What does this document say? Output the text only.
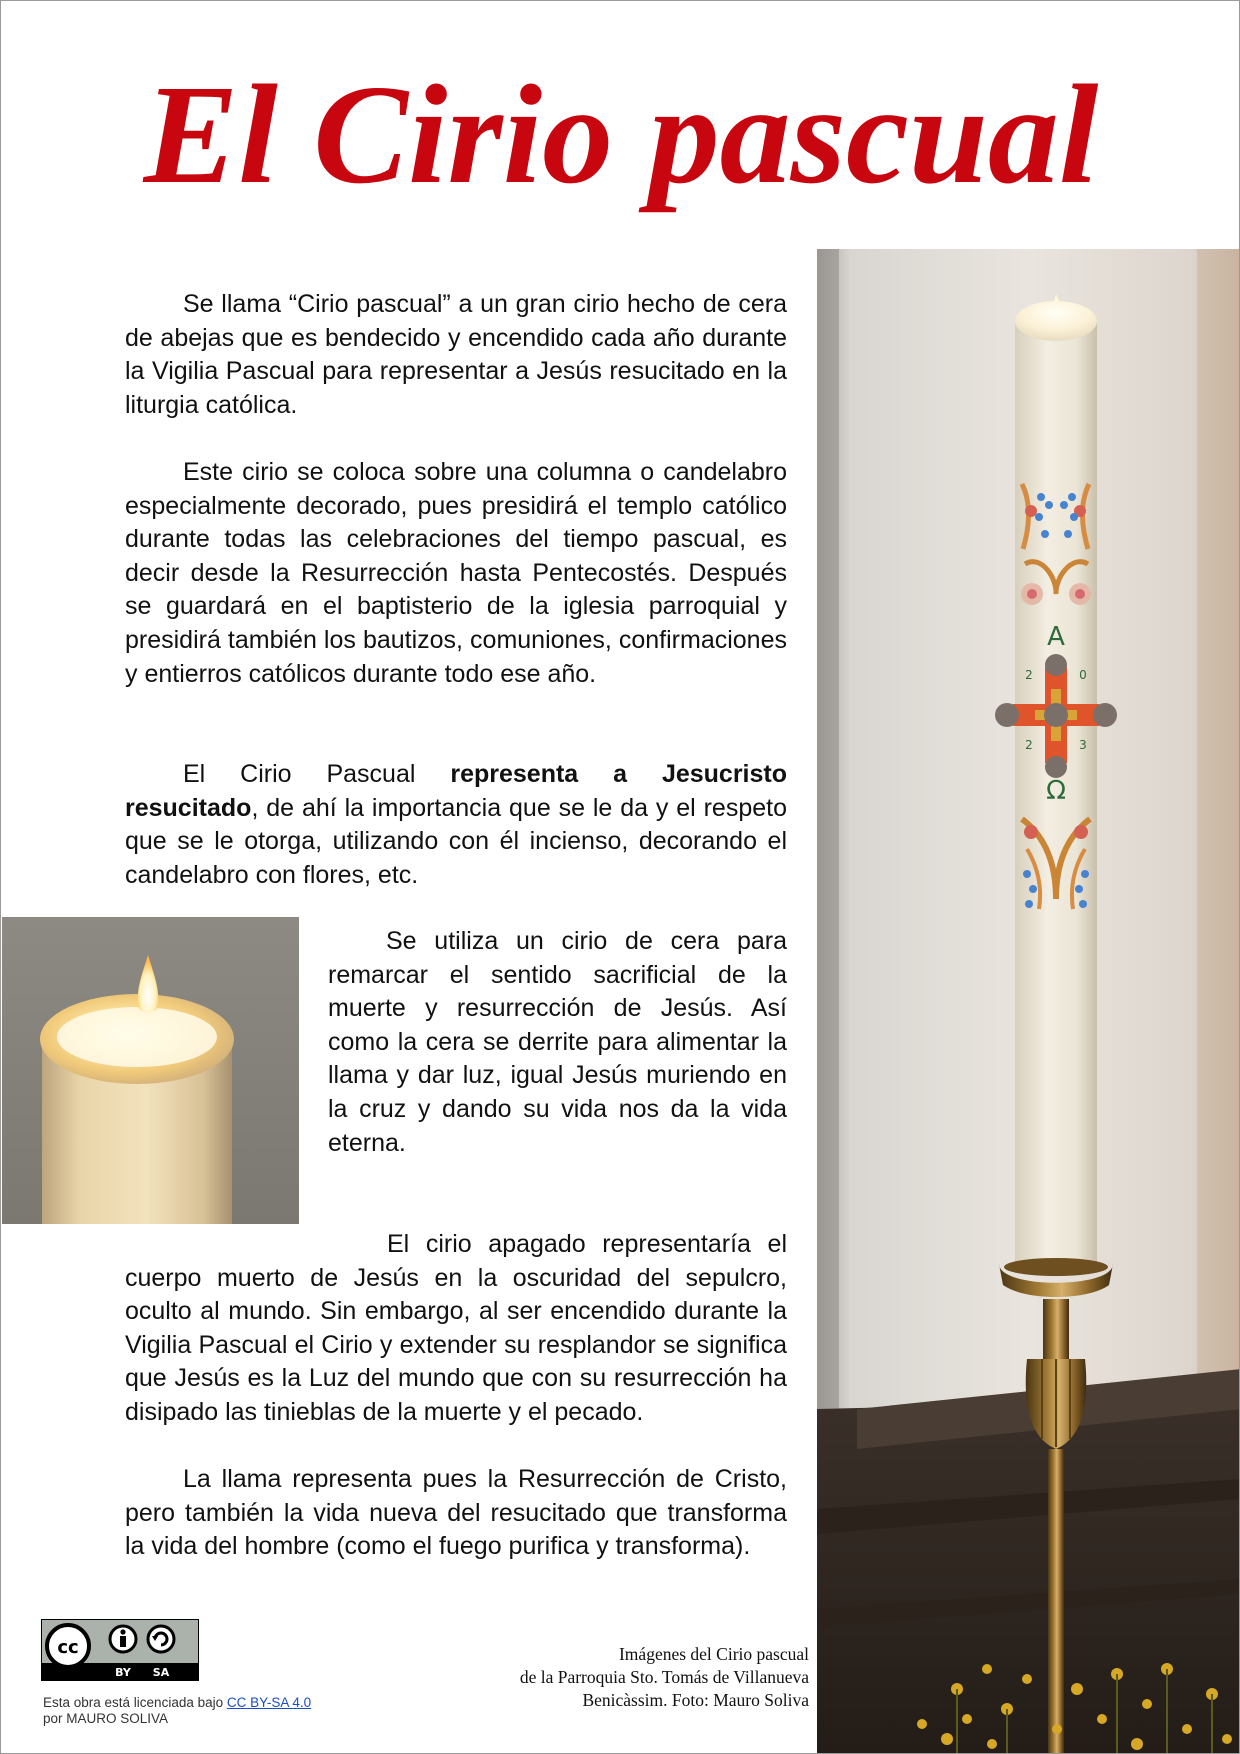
El Cirio pascual

Se llama “Cirio pascual” a un gran cirio hecho de cera de abejas que es bendecido y encendido cada año durante la Vigilia Pascual para representar a Jesús resucitado en la liturgia católica.

Este cirio se coloca sobre una columna o candelabro especialmente decorado, pues presidirá el templo católico durante todas las celebraciones del tiempo pascual, es decir desde la Resurrección hasta Pentecostés. Después se guardará en el baptisterio de la iglesia parroquial y presidirá también los bautizos, comuniones, confirmaciones y entierros católicos durante todo ese año.

El Cirio Pascual representa a Jesucristo resucitado, de ahí la importancia que se le da y el respeto que se le otorga, utilizando con él incienso, decorando el candelabro con flores, etc.

Se utiliza un cirio de cera para remarcar el sentido sacrificial de la muerte y resurrección de Jesús. Así como la cera se derrite para alimentar la llama y dar luz, igual Jesús muriendo en la cruz y dando su vida nos da la vida eterna.

El cirio apagado representaría el cuerpo muerto de Jesús en la oscuridad del sepulcro, oculto al mundo. Sin embargo, al ser encendido durante la Vigilia Pascual el Cirio y extender su resplandor se significa que Jesús es la Luz del mundo que con su resurrección ha disipado las tinieblas de la muerte y el pecado.

La llama representa pues la Resurrección de Cristo, pero también la vida nueva del resucitado que transforma la vida del hombre (como el fuego purifica y transforma).

A
2	0
2	3
Ω
cc
BY SA
Esta obra está licenciada bajo CC BY-SA 4.0
por MAURO SOLIVA
Imágenes del Cirio pascual
de la Parroquia Sto. Tomás de Villanueva
Benicàssim. Foto: Mauro Soliva
